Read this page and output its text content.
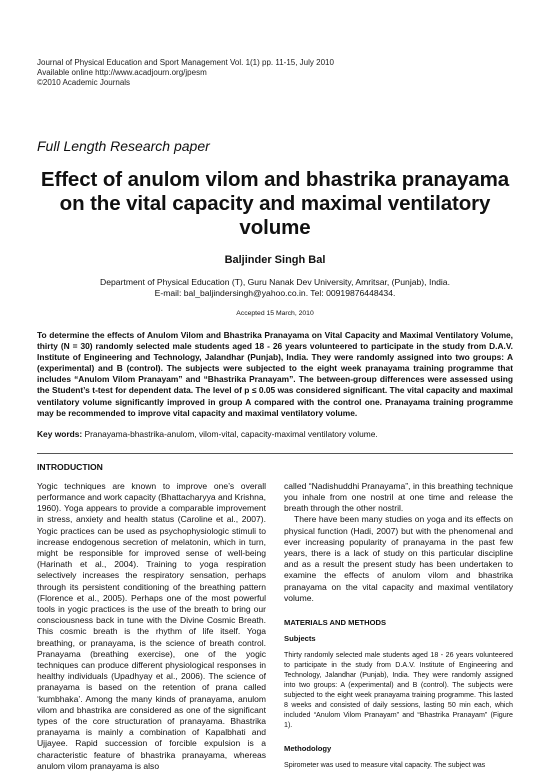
Journal of Physical Education and Sport Management Vol. 1(1) pp. 11-15, July 2010
Available online http://www.acadjourn.org/jpesm
©2010 Academic Journals
Full Length Research paper
Effect of anulom vilom and bhastrika pranayama on the vital capacity and maximal ventilatory volume
Baljinder Singh Bal
Department of Physical Education (T), Guru Nanak Dev University, Amritsar, (Punjab), India.
E-mail: bal_baljindersingh@yahoo.co.in. Tel: 00919876448434.
Accepted 15 March, 2010
To determine the effects of Anulom Vilom and Bhastrika Pranayama on Vital Capacity and Maximal Ventilatory Volume, thirty (N = 30) randomly selected male students aged 18 - 26 years volunteered to participate in the study from D.A.V. Institute of Engineering and Technology, Jalandhar (Punjab), India. They were randomly assigned into two groups: A (experimental) and B (control). The subjects were subjected to the eight week pranayama training programme that includes “Anulom Vilom Pranayam” and “Bhastrika Pranayam”. The between-group differences were assessed using the Student’s t-test for dependent data. The level of p ≤ 0.05 was considered significant. The vital capacity and maximal ventilatory volume significantly improved in group A compared with the control one. Pranayama training programme may be recommended to improve vital capacity and maximal ventilatory volume.
Key words: Pranayama-bhastrika-anulom, vilom-vital, capacity-maximal ventilatory volume.
INTRODUCTION
Yogic techniques are known to improve one’s overall performance and work capacity (Bhattacharyya and Krishna, 1960). Yoga appears to provide a comparable improvement in stress, anxiety and health status (Caroline et al., 2007). Yogic practices can be used as psychophysiologic stimuli to increase endogenous secretion of melatonin, which in turn, might be responsible for improved sense of well-being (Harinath et al., 2004). Training to yoga respiration selectively increases the respiratory sensation, perhaps through its persistent conditioning of the breathing pattern (Florence et al., 2005). Perhaps one of the most powerful tools in yogic practices is the use of the breath to bring our consciousness back in tune with the Divine Cosmic Breath. This cosmic breath is the rhythm of life itself. Yoga breathing, or pranayama, is the science of breath control. Pranayama (breathing exercise), one of the yogic techniques can produce different physiological responses in healthy individuals (Upadhyay et al., 2006). The science of pranayama is based on the retention of prana called ‘kumbhaka’. Among the many kinds of pranayama, anulom vilom and bhastrika are considered as one of the significant types of the core structuration of pranayama. Bhastrika pranayama is mainly a combination of Kapalbhati and Ujjayee. Rapid succession of forcible expulsion is a characteristic feature of bhastrika pranayama, whereas anulom vilom pranayama is also
called “Nadishuddhi Pranayama”, in this breathing technique you inhale from one nostril at one time and release the breath through the other nostril.
There have been many studies on yoga and its effects on physical function (Hadi, 2007) but with the phenomenal and ever increasing popularity of pranayama in the past few years, there is a lack of study on this particular discipline and as a result the present study has been undertaken to examine the effects of anulom vilom and bhastrika pranayama on the vital capacity and maximal ventilatory volume.
MATERIALS AND METHODS
Subjects
Thirty randomly selected male students aged 18 - 26 years volunteered to participate in the study from D.A.V. Institute of Engineering and Technology, Jalandhar (Punjab), India. They were randomly assigned into two groups: A (experimental) and B (control). The subjects were subjected to the eight week pranayama training programme. This lasted 8 weeks and consisted of daily sessions, lasting 50 min each, which included “Anulom Vilom Pranayam” and “Bhastrika Pranayam” (Figure 1).
Methodology
Spirometer was used to measure vital capacity. The subject was
